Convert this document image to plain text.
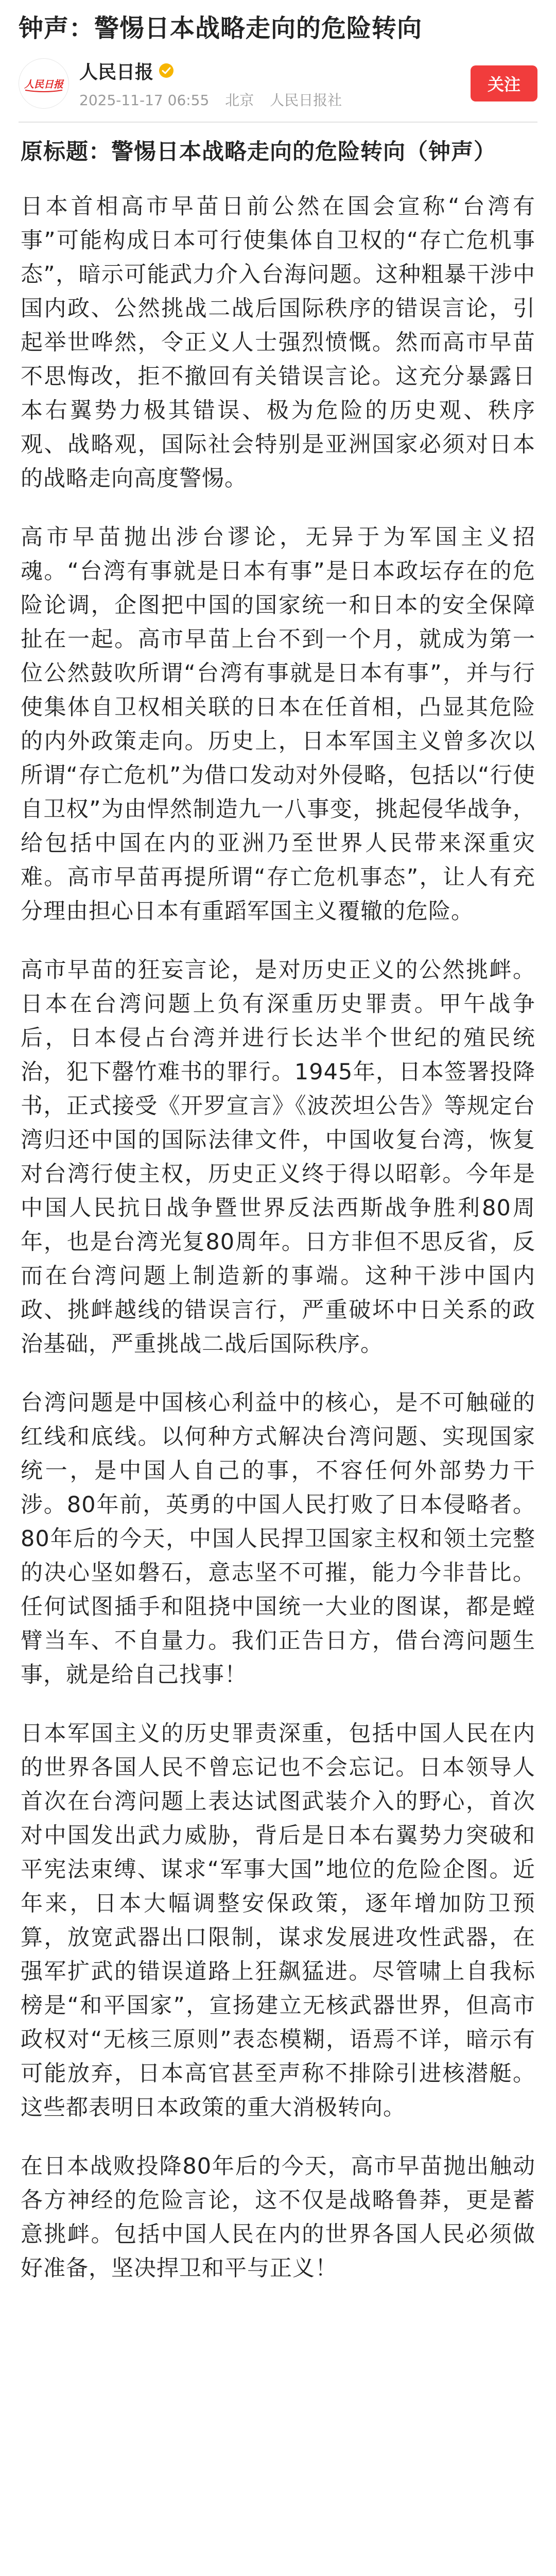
钟声：警惕日本战略走向的危险转向
人民日报
人民日报
2025-11-17 06:55 北京 人民日报社
关注

原标题：警惕日本战略走向的危险转向（钟声）

日本首相高市早苗日前公然在国会宣称“台湾有事”可能构成日本可行使集体自卫权的“存亡危机事态”，暗示可能武力介入台海问题。这种粗暴干涉中国内政、公然挑战二战后国际秩序的错误言论，引起举世哗然，令正义人士强烈愤慨。然而高市早苗不思悔改，拒不撤回有关错误言论。这充分暴露日本右翼势力极其错误、极为危险的历史观、秩序观、战略观，国际社会特别是亚洲国家必须对日本的战略走向高度警惕。

高市早苗抛出涉台谬论，无异于为军国主义招魂。“台湾有事就是日本有事”是日本政坛存在的危险论调，企图把中国的国家统一和日本的安全保障扯在一起。高市早苗上台不到一个月，就成为第一位公然鼓吹所谓“台湾有事就是日本有事”，并与行使集体自卫权相关联的日本在任首相，凸显其危险的内外政策走向。历史上，日本军国主义曾多次以所谓“存亡危机”为借口发动对外侵略，包括以“行使自卫权”为由悍然制造九一八事变，挑起侵华战争，给包括中国在内的亚洲乃至世界人民带来深重灾难。高市早苗再提所谓“存亡危机事态”，让人有充分理由担心日本有重蹈军国主义覆辙的危险。

高市早苗的狂妄言论，是对历史正义的公然挑衅。日本在台湾问题上负有深重历史罪责。甲午战争后，日本侵占台湾并进行长达半个世纪的殖民统治，犯下罄竹难书的罪行。1945年，日本签署投降书，正式接受《开罗宣言》《波茨坦公告》等规定台湾归还中国的国际法律文件，中国收复台湾，恢复对台湾行使主权，历史正义终于得以昭彰。今年是中国人民抗日战争暨世界反法西斯战争胜利80周年，也是台湾光复80周年。日方非但不思反省，反而在台湾问题上制造新的事端。这种干涉中国内政、挑衅越线的错误言行，严重破坏中日关系的政治基础，严重挑战二战后国际秩序。

台湾问题是中国核心利益中的核心，是不可触碰的红线和底线。以何种方式解决台湾问题、实现国家统一，是中国人自己的事，不容任何外部势力干涉。80年前，英勇的中国人民打败了日本侵略者。80年后的今天，中国人民捍卫国家主权和领土完整的决心坚如磐石，意志坚不可摧，能力今非昔比。任何试图插手和阻挠中国统一大业的图谋，都是螳臂当车、不自量力。我们正告日方，借台湾问题生事，就是给自己找事！

日本军国主义的历史罪责深重，包括中国人民在内的世界各国人民不曾忘记也不会忘记。日本领导人首次在台湾问题上表达试图武装介入的野心，首次对中国发出武力威胁，背后是日本右翼势力突破和平宪法束缚、谋求“军事大国”地位的危险企图。近年来，日本大幅调整安保政策，逐年增加防卫预算，放宽武器出口限制，谋求发展进攻性武器，在强军扩武的错误道路上狂飙猛进。尽管啸上自我标榜是“和平国家”，宣扬建立无核武器世界，但高市政权对“无核三原则”表态模糊，语焉不详，暗示有可能放弃，日本高官甚至声称不排除引进核潜艇。这些都表明日本政策的重大消极转向。

在日本战败投降80年后的今天，高市早苗抛出触动各方神经的危险言论，这不仅是战略鲁莽，更是蓄意挑衅。包括中国人民在内的世界各国人民必须做好准备，坚决捍卫和平与正义！
